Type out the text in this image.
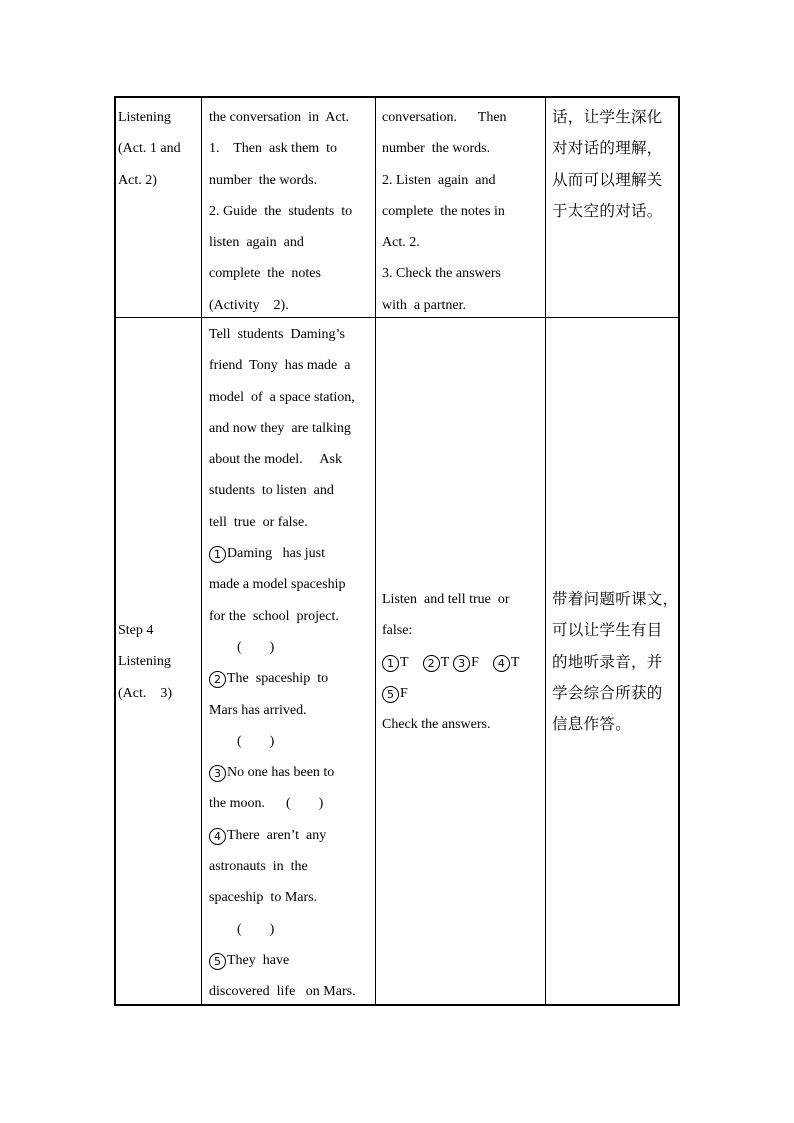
Listening
(Act. 1 and
Act. 2)
the conversation  in  Act.
1.    Then  ask them  to
number  the words.
2. Guide  the  students  to
listen  again  and
complete  the  notes
(Activity    2).
conversation.      Then
number  the words.
2. Listen  again  and
complete  the notes in
Act. 2.
3. Check the answers
with  a partner.
话，让学生深化
对对话的理解，
从而可以理解关
于太空的对话。
Step 4
Listening
(Act.    3)
Tell  students  Daming’s
friend  Tony  has made  a
model  of  a space station,
and now they  are talking
about the model.     Ask
students  to listen  and
tell  true  or false.
1 Daming   has just
made a model spaceship
for the  school  project.
(        )
2 The  spaceship  to
Mars has arrived.
(        )
3 No one has been to
the moon.      (        )
4 There  aren’t  any
astronauts  in  the
spaceship  to Mars.
(        )
5 They  have
discovered  life   on Mars.
Listen  and tell true  or
false:
1 T 2 T 3 F 4 T
5 F
Check the answers.
带着问题听课文，
可以让学生有目
的地听录音，并
学会综合所获的
信息作答。
